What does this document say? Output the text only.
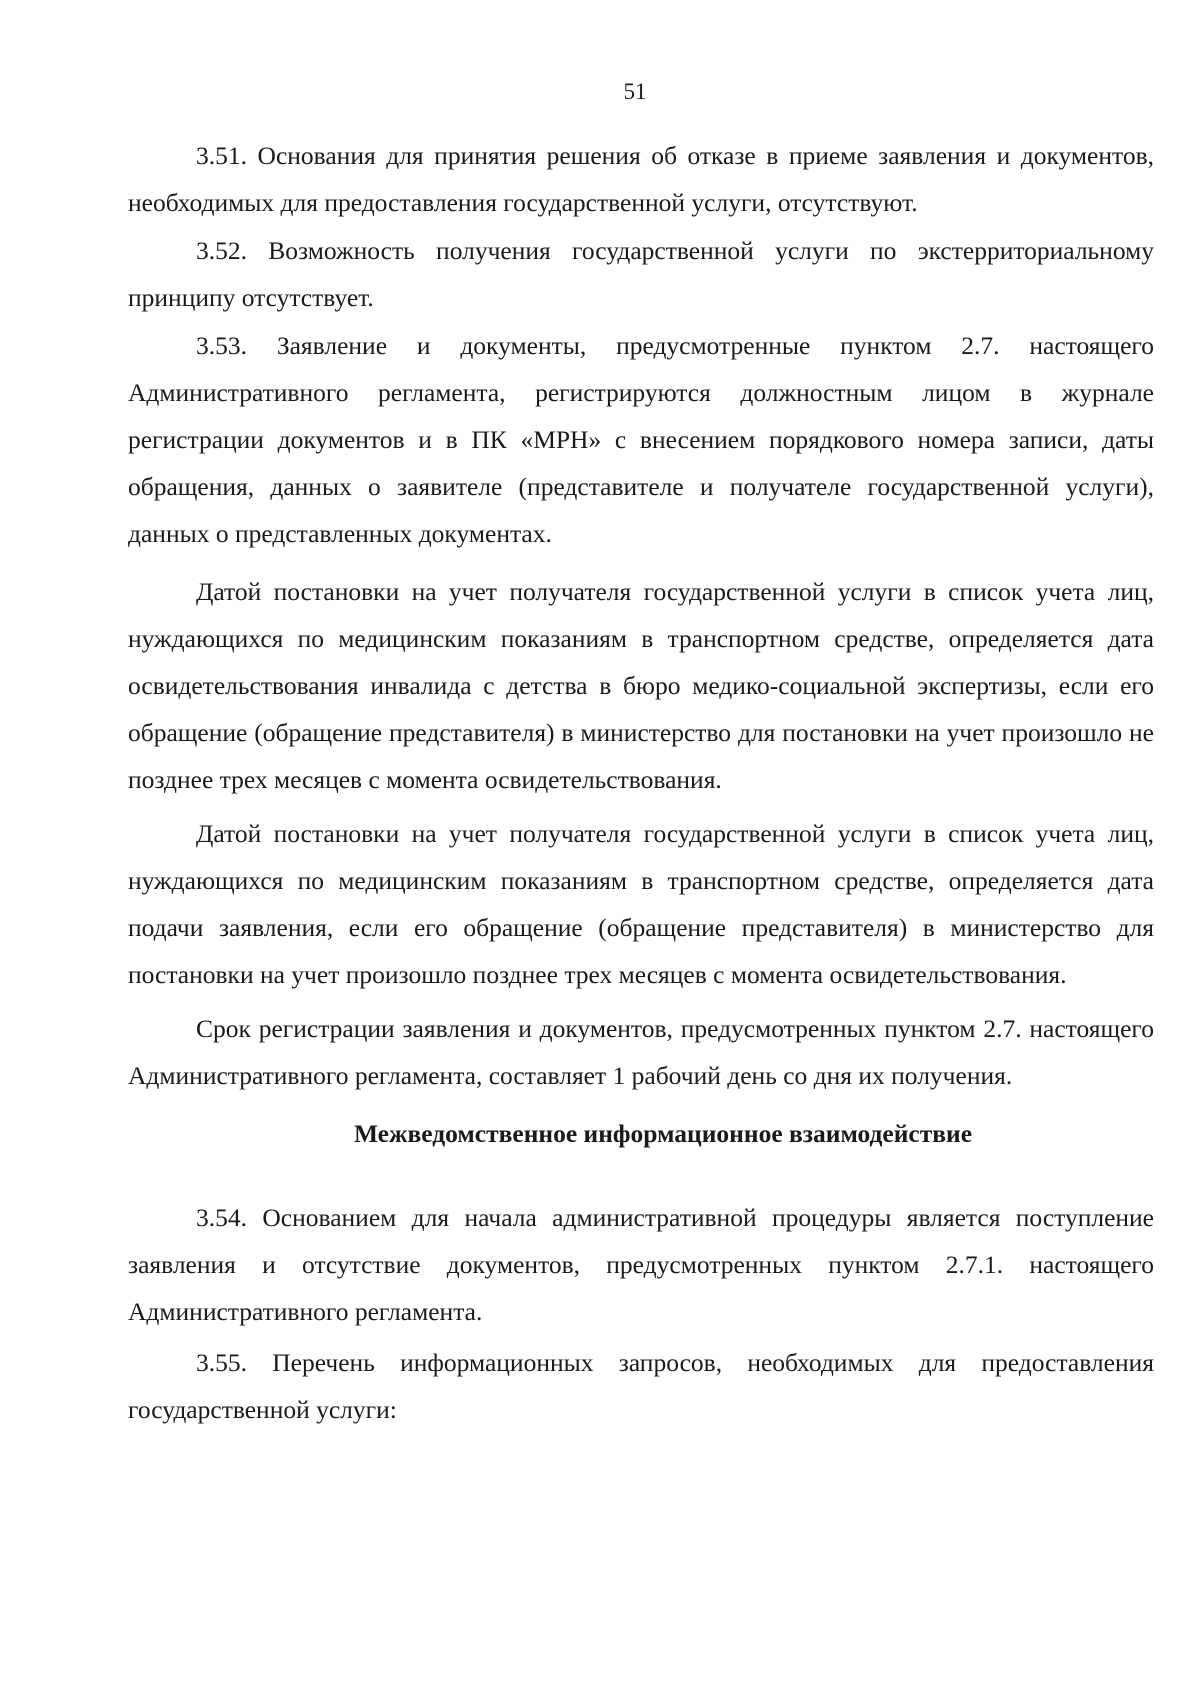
51

3.51. Основания для принятия решения об отказе в приеме заявления и документов, необходимых для предоставления государственной услуги, отсутствуют.

3.52. Возможность получения государственной услуги по экстерриториальному принципу отсутствует.

3.53. Заявление и документы, предусмотренные пунктом 2.7. настоящего Административного регламента, регистрируются должностным лицом в журнале регистрации документов и в ПК «МРН» с внесением порядкового номера записи, даты обращения, данных о заявителе (представителе и получателе государственной услуги), данных о представленных документах.

Датой постановки на учет получателя государственной услуги в список учета лиц, нуждающихся по медицинским показаниям в транспортном средстве, определяется дата освидетельствования инвалида с детства в бюро медико-социальной экспертизы, если его обращение (обращение представителя) в министерство для постановки на учет произошло не позднее трех месяцев с момента освидетельствования.

Датой постановки на учет получателя государственной услуги в список учета лиц, нуждающихся по медицинским показаниям в транспортном средстве, определяется дата подачи заявления, если его обращение (обращение представителя) в министерство для постановки на учет произошло позднее трех месяцев с момента освидетельствования.

Срок регистрации заявления и документов, предусмотренных пунктом 2.7. настоящего Административного регламента, составляет 1 рабочий день со дня их получения.

Межведомственное информационное взаимодействие

3.54. Основанием для начала административной процедуры является поступление заявления и отсутствие документов, предусмотренных пунктом 2.7.1. настоящего Административного регламента.

3.55. Перечень информационных запросов, необходимых для предоставления государственной услуги:
